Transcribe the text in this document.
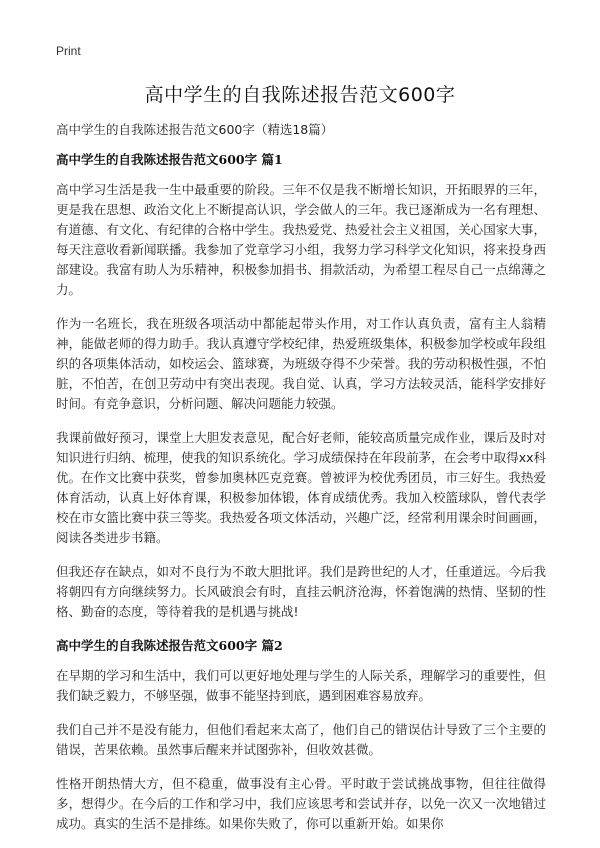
Print
高中学生的自我陈述报告范文600字
高中学生的自我陈述报告范文600字（精选18篇）
高中学生的自我陈述报告范文600字 篇1

高中学习生活是我一生中最重要的阶段。三年不仅是我不断增长知识，开拓眼界的三年，更是我在思想、政治文化上不断提高认识，学会做人的三年。我已逐渐成为一名有理想、有道德、有文化、有纪律的合格中学生。我热爱党、热爱社会主义祖国，关心国家大事，每天注意收看新闻联播。我参加了党章学习小组，我努力学习科学文化知识，将来投身西部建设。我富有助人为乐精神，积极参加捐书、捐款活动，为希望工程尽自己一点绵薄之力。

作为一名班长，我在班级各项活动中都能起带头作用，对工作认真负责，富有主人翁精神，能做老师的得力助手。我认真遵守学校纪律，热爱班级集体，积极参加学校或年段组织的各项集体活动，如校运会、篮球赛，为班级夺得不少荣誉。我的劳动积极性强，不怕脏，不怕苦，在创卫劳动中有突出表现。我自觉、认真，学习方法较灵活，能科学安排好时间。有竞争意识，分析问题、解决问题能力较强。

我课前做好预习，课堂上大胆发表意见，配合好老师，能较高质量完成作业，课后及时对知识进行归纳、梳理，使我的知识系统化。学习成绩保持在年段前茅，在会考中取得xx科优。在作文比赛中获奖，曾参加奥林匹克竞赛。曾被评为校优秀团员，市三好生。我热爱体育活动，认真上好体育课，积极参加体锻，体育成绩优秀。我加入校篮球队，曾代表学校在市女篮比赛中获三等奖。我热爱各项文体活动，兴趣广泛，经常利用课余时间画画，阅读各类进步书籍。

但我还存在缺点，如对不良行为不敢大胆批评。我们是跨世纪的人才，任重道远。今后我将朝四有方向继续努力。长风破浪会有时，直挂云帆济沧海，怀着饱满的热情、坚韧的性格、勤奋的态度，等待着我的是机遇与挑战!

高中学生的自我陈述报告范文600字 篇2

在早期的学习和生活中，我们可以更好地处理与学生的人际关系，理解学习的重要性，但我们缺乏毅力，不够坚强，做事不能坚持到底，遇到困难容易放弃。

我们自己并不是没有能力，但他们看起来太高了，他们自己的错误估计导致了三个主要的错误，苦果依赖。虽然事后醒来并试图弥补，但收效甚微。

性格开朗热情大方，但不稳重，做事没有主心骨。平时敢于尝试挑战事物，但往往做得多，想得少。在今后的工作和学习中，我们应该思考和尝试并存，以免一次又一次地错过成功。真实的生活不是排练。如果你失败了，你可以重新开始。如果你
